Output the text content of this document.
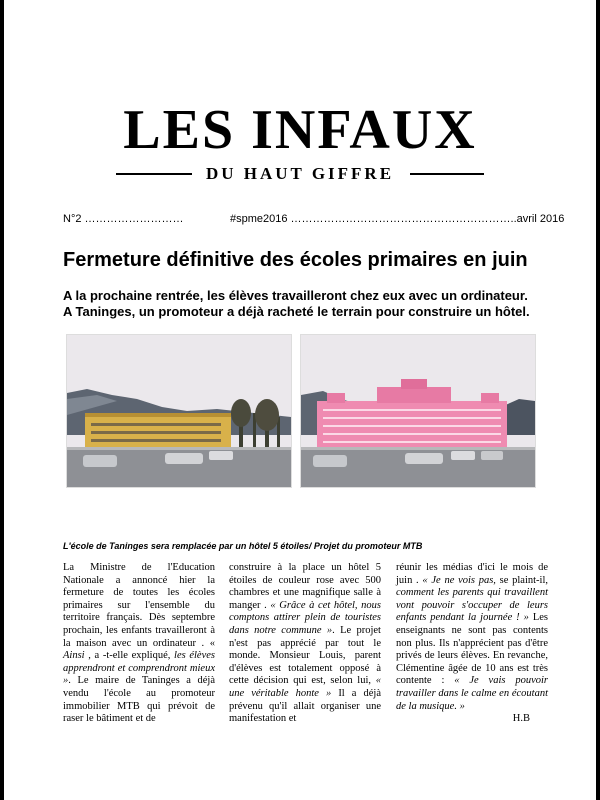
LES INFAUX
DU HAUT GIFFRE
N°2 ………………………	#spme2016 ……………………………………………………..avril 2016
Fermeture définitive des écoles primaires en juin
A la prochaine rentrée, les élèves travailleront chez eux avec un ordinateur.
A Taninges, un promoteur a déjà racheté le terrain pour construire un hôtel.
L'école de Taninges sera remplacée par un hôtel 5 étoiles/ Projet du promoteur MTB

La Ministre de l'Education Nationale a annoncé hier la fermeture de toutes les écoles primaires sur l'ensemble du territoire français. Dès septembre prochain, les enfants travailleront à la maison avec un ordinateur . « Ainsi , a -t-elle expliqué, les élèves apprendront et comprendront mieux ». Le maire de Taninges a déjà vendu l'école au promoteur immobilier MTB qui prévoit de raser le bâtiment et de

construire à la place un hôtel 5 étoiles de couleur rose avec 500 chambres et une magnifique salle à manger . « Grâce à cet hôtel, nous comptons attirer plein de touristes dans notre commune ». Le projet n'est pas apprécié par tout le monde. Monsieur Louis, parent d'élèves est totalement opposé à cette décision qui est, selon lui, « une véritable honte » Il a déjà prévenu qu'il allait organiser une manifestation et

réunir les médias d'ici le mois de juin . « Je ne vois pas, se plaint-il, comment les parents qui travaillent vont pouvoir s'occuper de leurs enfants pendant la journée ! » Les enseignants ne sont pas contents non plus. Ils n'apprécient pas d'être privés de leurs élèves. En revanche, Clémentine âgée de 10 ans est très contente : « Je vais pouvoir travailler dans le calme en écoutant de la musique. »
H.B
